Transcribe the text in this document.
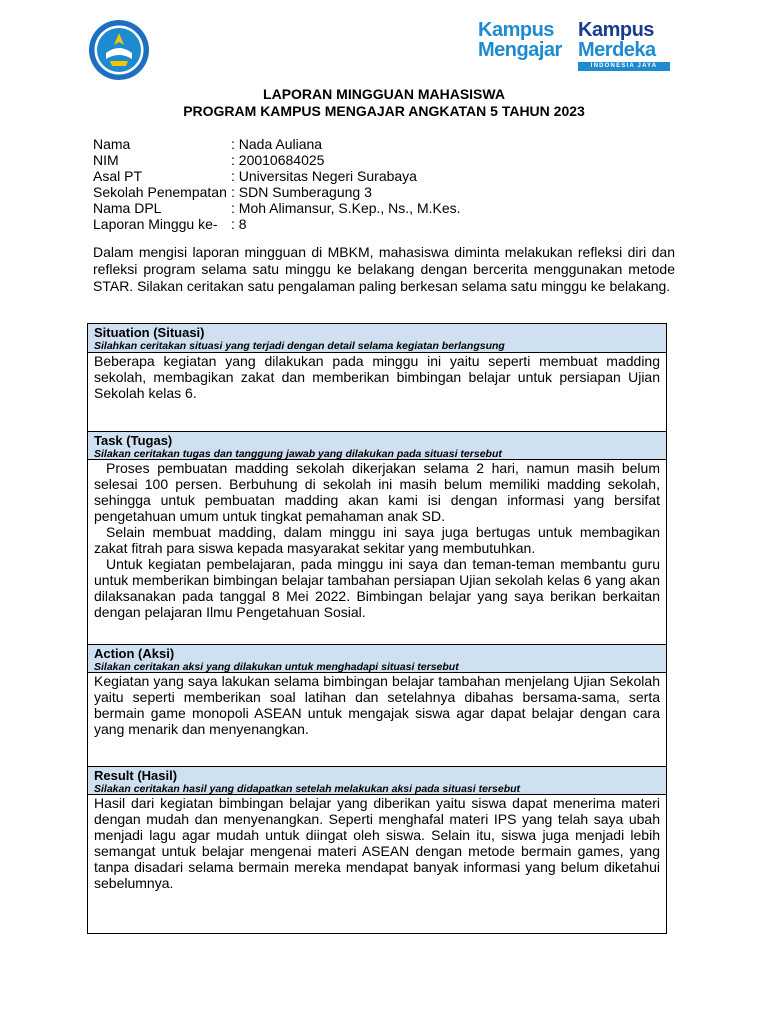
Kampus
Mengajar
Kampus
Merdeka
INDONESIA JAYA
LAPORAN MINGGUAN MAHASISWA
PROGRAM KAMPUS MENGAJAR ANGKATAN 5 TAHUN 2023
Nama	: Nada Auliana
NIM	: 20010684025
Asal PT	: Universitas Negeri Surabaya
Sekolah Penempatan : SDN Sumberagung 3
Nama DPL	: Moh Alimansur, S.Kep., Ns., M.Kes.
Laporan Minggu ke- : 8
Dalam mengisi laporan mingguan di MBKM, mahasiswa diminta melakukan refleksi diri dan refleksi program selama satu minggu ke belakang dengan bercerita menggunakan metode STAR. Silakan ceritakan satu pengalaman paling berkesan selama satu minggu ke belakang.
Situation (Situasi)
Silahkan ceritakan situasi yang terjadi dengan detail selama kegiatan berlangsung

Beberapa kegiatan yang dilakukan pada minggu ini yaitu seperti membuat madding sekolah, membagikan zakat dan memberikan bimbingan belajar untuk persiapan Ujian Sekolah kelas 6.

Task (Tugas)
Silakan ceritakan tugas dan tanggung jawab yang dilakukan pada situasi tersebut

Proses pembuatan madding sekolah dikerjakan selama 2 hari, namun masih belum selesai 100 persen. Berbuhung di sekolah ini masih belum memiliki madding sekolah, sehingga untuk pembuatan madding akan kami isi dengan informasi yang bersifat pengetahuan umum untuk tingkat pemahaman anak SD.

Selain membuat madding, dalam minggu ini saya juga bertugas untuk membagikan zakat fitrah para siswa kepada masyarakat sekitar yang membutuhkan.

Untuk kegiatan pembelajaran, pada minggu ini saya dan teman-teman membantu guru untuk memberikan bimbingan belajar tambahan persiapan Ujian sekolah kelas 6 yang akan dilaksanakan pada tanggal 8 Mei 2022. Bimbingan belajar yang saya berikan berkaitan dengan pelajaran Ilmu Pengetahuan Sosial.

Action (Aksi)
Silakan ceritakan aksi yang dilakukan untuk menghadapi situasi tersebut

Kegiatan yang saya lakukan selama bimbingan belajar tambahan menjelang Ujian Sekolah yaitu seperti memberikan soal latihan dan setelahnya dibahas bersama-sama, serta bermain game monopoli ASEAN untuk mengajak siswa agar dapat belajar dengan cara yang menarik dan menyenangkan.

Result (Hasil)
Silakan ceritakan hasil yang didapatkan setelah melakukan aksi pada situasi tersebut

Hasil dari kegiatan bimbingan belajar yang diberikan yaitu siswa dapat menerima materi dengan mudah dan menyenangkan. Seperti menghafal materi IPS yang telah saya ubah menjadi lagu agar mudah untuk diingat oleh siswa. Selain itu, siswa juga menjadi lebih semangat untuk belajar mengenai materi ASEAN dengan metode bermain games, yang tanpa disadari selama bermain mereka mendapat banyak informasi yang belum diketahui sebelumnya.
